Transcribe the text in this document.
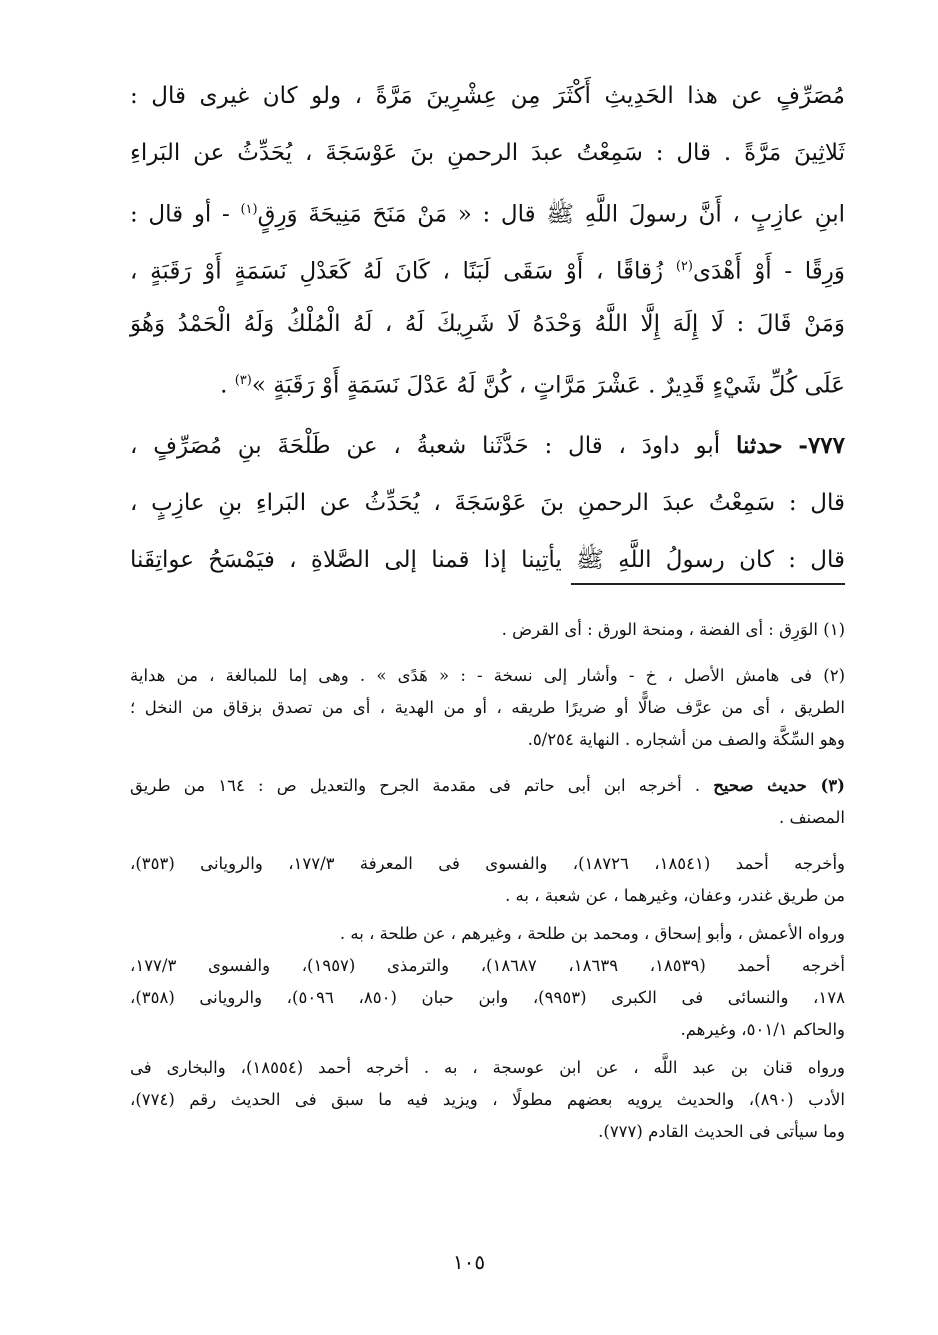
مُصَرِّفٍ عن هذا الحَدِيثِ أَكْثَرَ مِن عِشْرِينَ مَرَّةً ، ولو كان غيرى قال :
ثَلاثِينَ مَرَّةً . قال : سَمِعْتُ عبدَ الرحمنِ بنَ عَوْسَجَةَ ، يُحَدِّثُ عن البَراءِ
ابنِ عازِبٍ ، أَنَّ رسولَ اللَّهِ ﷺ قال : « مَنْ مَنَحَ مَنِيحَةَ وَرِقٍ$^{(١)}$ - أو قال :
وَرِقًا - أَوْ أَهْدَى$^{(٢)}$ زُقاقًا ، أَوْ سَقَى لَبَنًا ، كَانَ لَهُ كَعَدْلِ نَسَمَةٍ أَوْ رَقَبَةٍ ،
وَمَنْ قَالَ : لَا إِلَهَ إِلَّا اللَّهُ وَحْدَهُ لَا شَرِيكَ لَهُ ، لَهُ الْمُلْكُ وَلَهُ الْحَمْدُ وَهُوَ
عَلَى كُلِّ شَيْءٍ قَدِيرٌ . عَشْرَ مَرَّاتٍ ، كُنَّ لَهُ عَدْلَ نَسَمَةٍ أَوْ رَقَبَةٍ »$^{(٣)}$ .
٧٧٧- حدثنا أبو داودَ ، قال : حَدَّثَنا شعبةُ ، عن طَلْحَةَ بنِ مُصَرِّفٍ ،
قال : سَمِعْتُ عبدَ الرحمنِ بنَ عَوْسَجَةَ ، يُحَدِّثُ عن البَراءِ بنِ عازِبٍ ،
قال : كان رسولُ اللَّهِ ﷺ يأتِينا إذا قمنا إلى الصَّلاةِ ، فيَمْسَحُ عواتِقَنا
(١) الوَرِق : أى الفضة ، ومنحة الورق : أى القرض .
(٢) فى هامش الأصل ، خ - وأشار إلى نسخة - : « هَدًى » . وهى إما للمبالغة ، من هداية
الطريق ، أى من عرَّف ضالًّا أو ضريرًا طريقه ، أو من الهدية ، أى من تصدق بزقاق من النخل ؛
وهو السِّكَّة والصف من أشجاره . النهاية ٥/٢٥٤.
(٣) حديث صحيح . أخرجه ابن أبى حاتم فى مقدمة الجرح والتعديل ص : ١٦٤ من طريق
المصنف .
وأخرجه أحمد (١٨٥٤١، ١٨٧٢٦)، والفسوى فى المعرفة ١٧٧/٣، والرويانى (٣٥٣)،
من طريق غندر، وعفان، وغيرهما ، عن شعبة ، به .
ورواه الأعمش ، وأبو إسحاق ، ومحمد بن طلحة ، وغيرهم ، عن طلحة ، به .
أخرجه أحمد (١٨٥٣٩، ١٨٦٣٩، ١٨٦٨٧)، والترمذى (١٩٥٧)، والفسوى ١٧٧/٣،
١٧٨، والنسائى فى الكبرى (٩٩٥٣)، وابن حبان (٨٥٠، ٥٠٩٦)، والرويانى (٣٥٨)،
والحاكم ٥٠١/١، وغيرهم.
ورواه قنان بن عبد اللَّه ، عن ابن عوسجة ، به . أخرجه أحمد (١٨٥٥٤)، والبخارى فى
الأدب (٨٩٠)، والحديث يرويه بعضهم مطولًا ، ويزيد فيه ما سبق فى الحديث رقم (٧٧٤)،
وما سيأتى فى الحديث القادم (٧٧٧).
١٠٥
